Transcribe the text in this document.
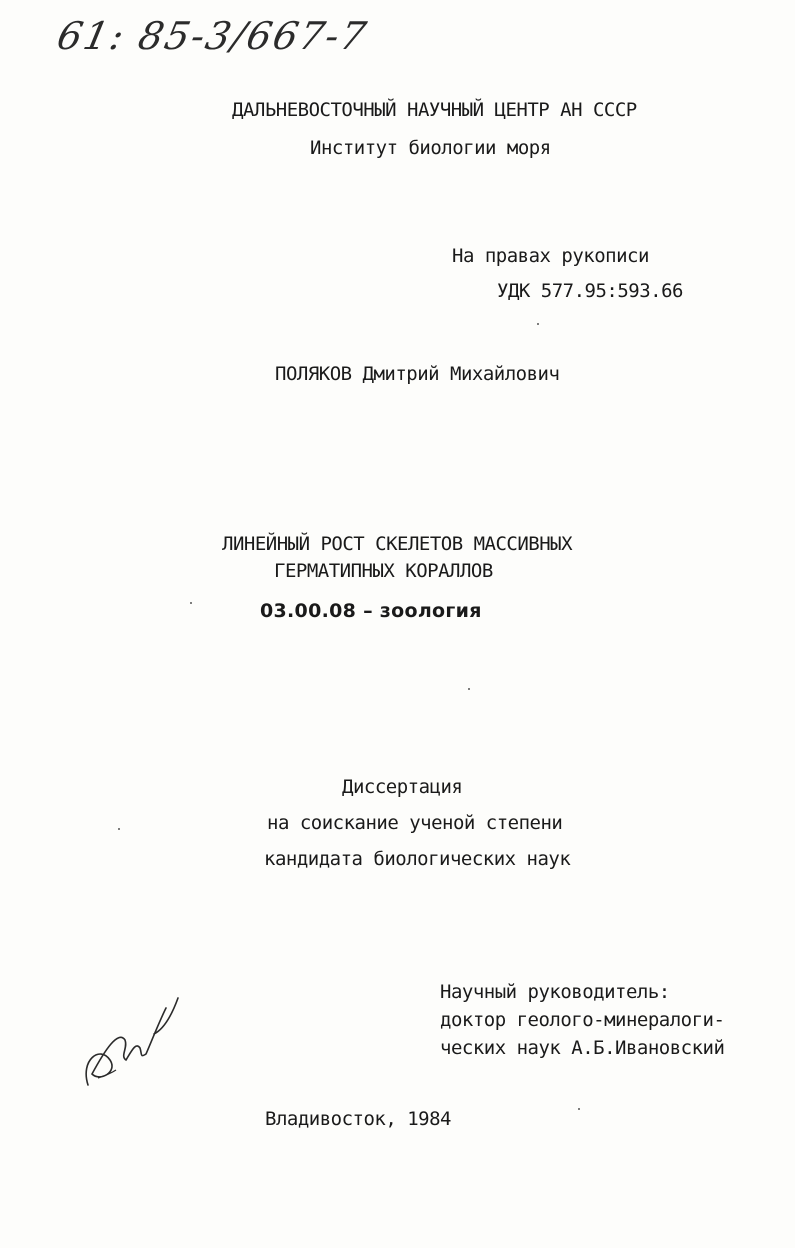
61: 85-3/667-7
ДАЛЬНЕВОСТОЧНЫЙ НАУЧНЫЙ ЦЕНТР АН СССР
Институт биологии моря
На правах рукописи
УДК 577.95:593.66
ПОЛЯКОВ Дмитрий Михайлович
ЛИНЕЙНЫЙ РОСТ СКЕЛЕТОВ МАССИВНЫХ
ГЕРМАТИПНЫХ КОРАЛЛОВ
03.00.08 – зоология
Диссертация
на соискание ученой степени
кандидата биологических наук
Научный руководитель:
доктор геолого-минералоги-
ческих наук А.Б.Ивановский
Владивосток, 1984
